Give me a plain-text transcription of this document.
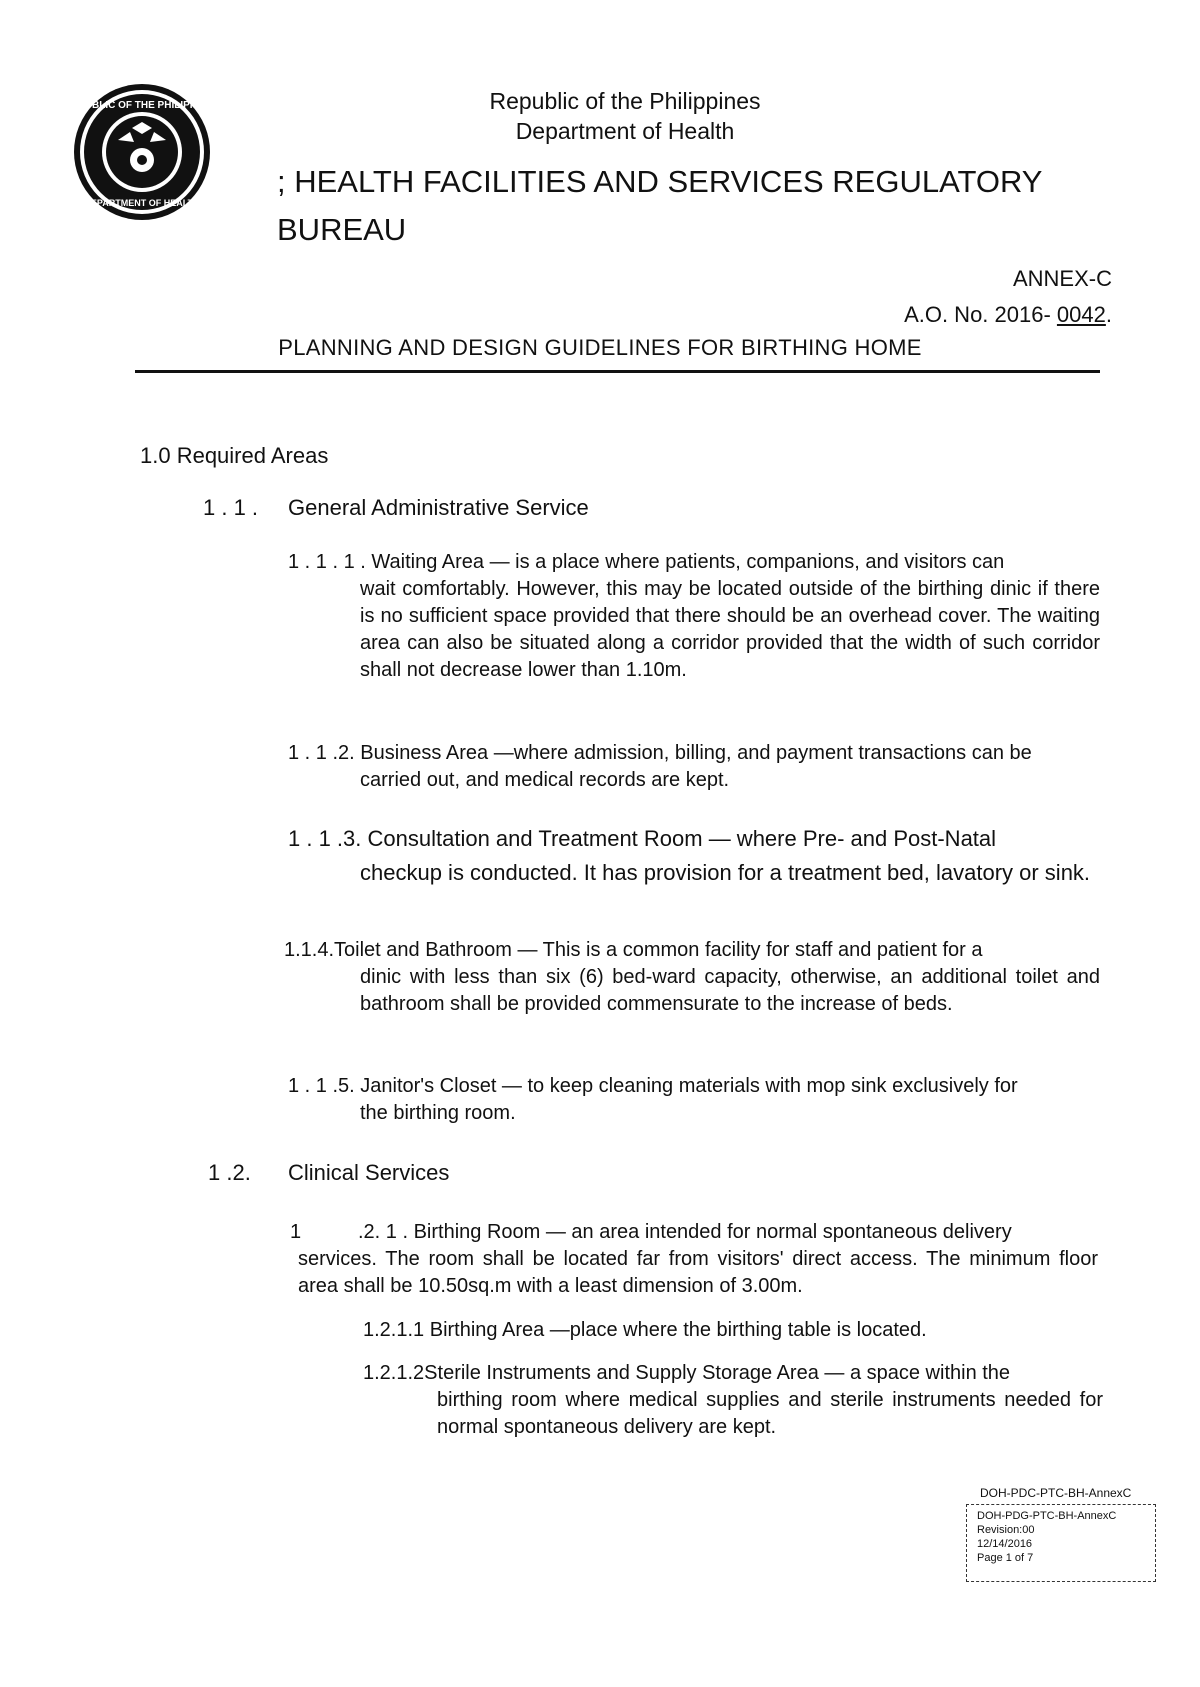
REPUBLIC OF THE PHILIPPINES
DEPARTMENT OF HEALTH
Republic of the Philippines
Department of Health
; HEALTH FACILITIES AND SERVICES REGULATORY
BUREAU
ANNEX-C
A.O. No. 2016- 0042.
PLANNING AND DESIGN GUIDELINES FOR BIRTHING HOME
1.0 Required Areas
1 . 1 . General Administrative Service
1 . 1 . 1 . Waiting Area — is a place where patients, companions, and visitors can
wait comfortably. However, this may be located outside of the birthing dinic if there is no sufficient space provided that there should be an overhead cover. The waiting area can also be situated along a corridor provided that the width of such corridor shall not decrease lower than 1.10m.
1 . 1 .2. Business Area —where admission, billing, and payment transactions can be
carried out, and medical records are kept.
1 . 1 .3. Consultation and Treatment Room — where Pre- and Post-Natal
checkup is conducted. It has provision for a treatment bed, lavatory or sink.
1.1.4.Toilet and Bathroom — This is a common facility for staff and patient for a
dinic with less than six (6) bed-ward capacity, otherwise, an additional toilet and bathroom shall be provided commensurate to the increase of beds.
1 . 1 .5. Janitor's Closet — to keep cleaning materials with mop sink exclusively for
the birthing room.
1 .2. Clinical Services
1	.2. 1 . Birthing Room — an area intended for normal spontaneous delivery
services. The room shall be located far from visitors' direct access. The minimum floor area shall be 10.50sq.m with a least dimension of 3.00m.
1.2.1.1 Birthing Area —place where the birthing table is located.
1.2.1.2Sterile Instruments and Supply Storage Area — a space within the
birthing room where medical supplies and sterile instruments needed for normal spontaneous delivery are kept.
DOH-PDC-PTC-BH-AnnexC
DOH-PDG-PTC-BH-AnnexC
Revision:00
12/14/2016
Page 1 of 7
